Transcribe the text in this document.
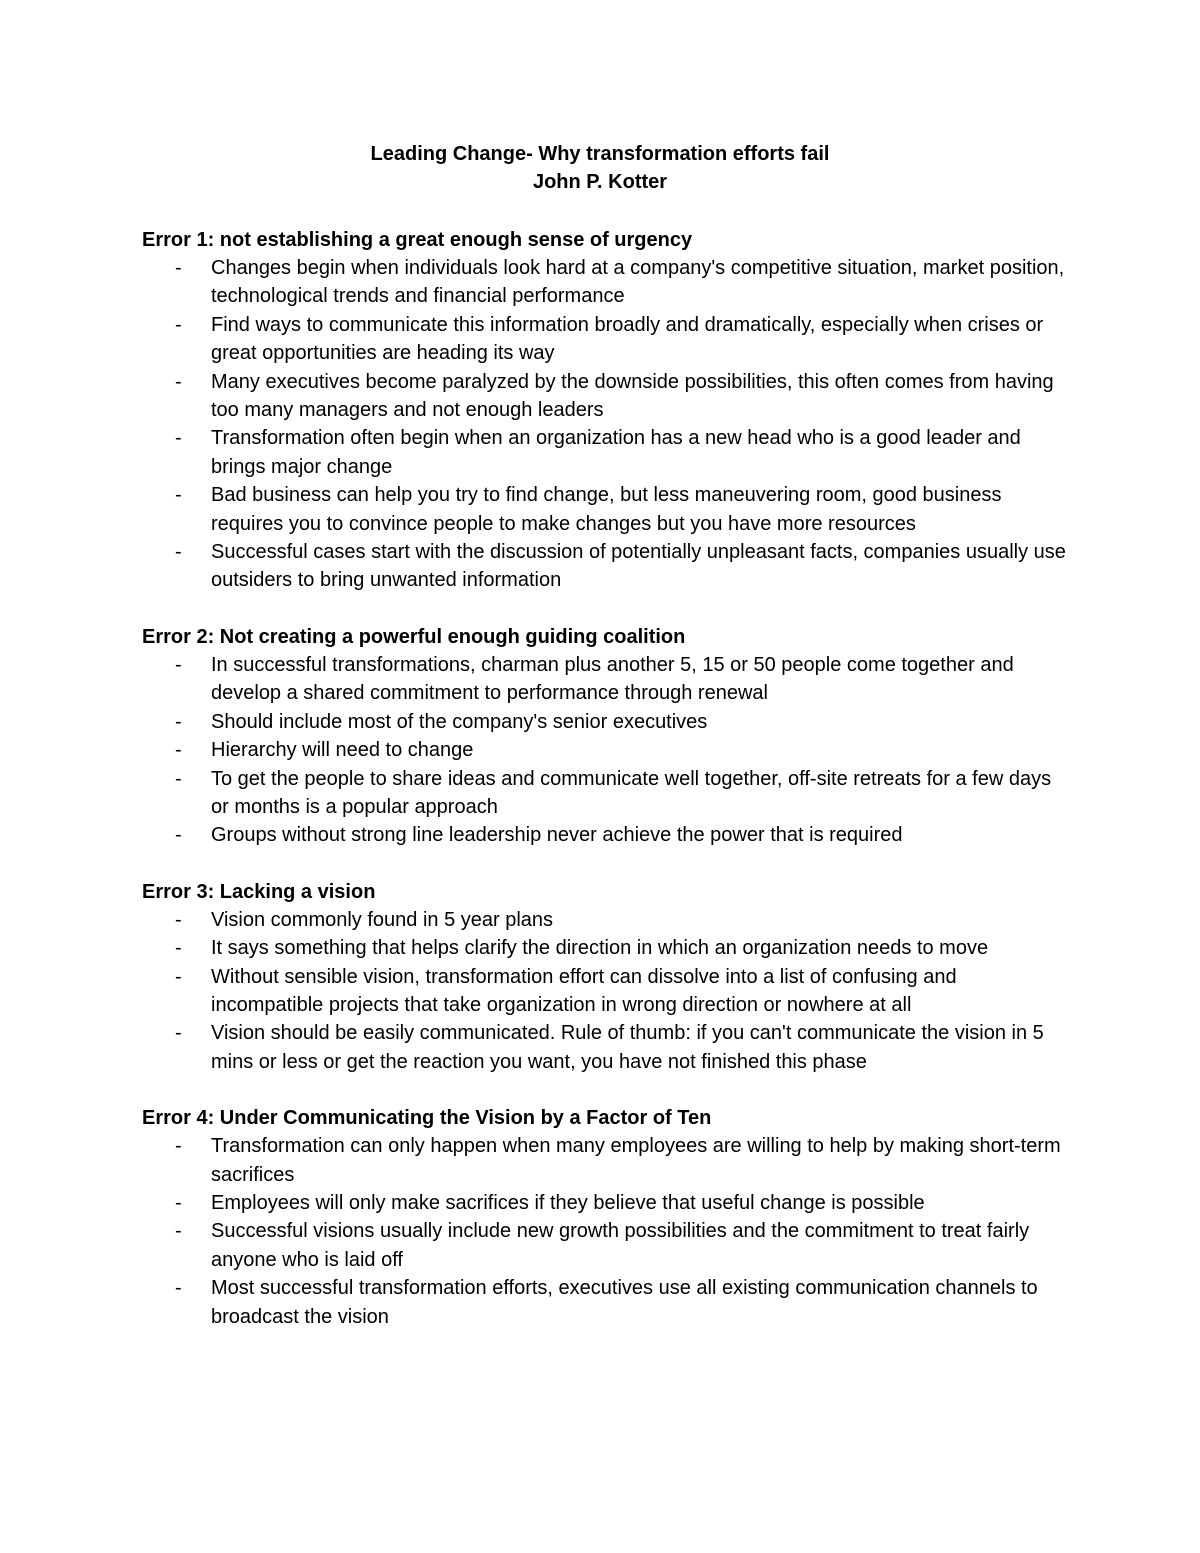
Leading Change- Why transformation efforts fail
John P. Kotter
Error 1: not establishing a great enough sense of urgency
- Changes begin when individuals look hard at a company's competitive situation, market position, technological trends and financial performance
- Find ways to communicate this information broadly and dramatically, especially when crises or great opportunities are heading its way
- Many executives become paralyzed by the downside possibilities, this often comes from having too many managers and not enough leaders
- Transformation often begin when an organization has a new head who is a good leader and brings major change
- Bad business can help you try to find change, but less maneuvering room, good business requires you to convince people to make changes but you have more resources
- Successful cases start with the discussion of potentially unpleasant facts, companies usually use outsiders to bring unwanted information
Error 2: Not creating a powerful enough guiding coalition
- In successful transformations, charman plus another 5, 15 or 50 people come together and develop a shared commitment to performance through renewal
- Should include most of the company's senior executives
- Hierarchy will need to change
- To get the people to share ideas and communicate well together, off-site retreats for a few days or months is a popular approach
- Groups without strong line leadership never achieve the power that is required
Error 3: Lacking a vision
- Vision commonly found in 5 year plans
- It says something that helps clarify the direction in which an organization needs to move
- Without sensible vision, transformation effort can dissolve into a list of confusing and incompatible projects that take organization in wrong direction or nowhere at all
- Vision should be easily communicated. Rule of thumb: if you can't communicate the vision in 5 mins or less or get the reaction you want, you have not finished this phase
Error 4: Under Communicating the Vision by a Factor of Ten
- Transformation can only happen when many employees are willing to help by making short-term sacrifices
- Employees will only make sacrifices if they believe that useful change is possible
- Successful visions usually include new growth possibilities and the commitment to treat fairly anyone who is laid off
- Most successful transformation efforts, executives use all existing communication channels to broadcast the vision
